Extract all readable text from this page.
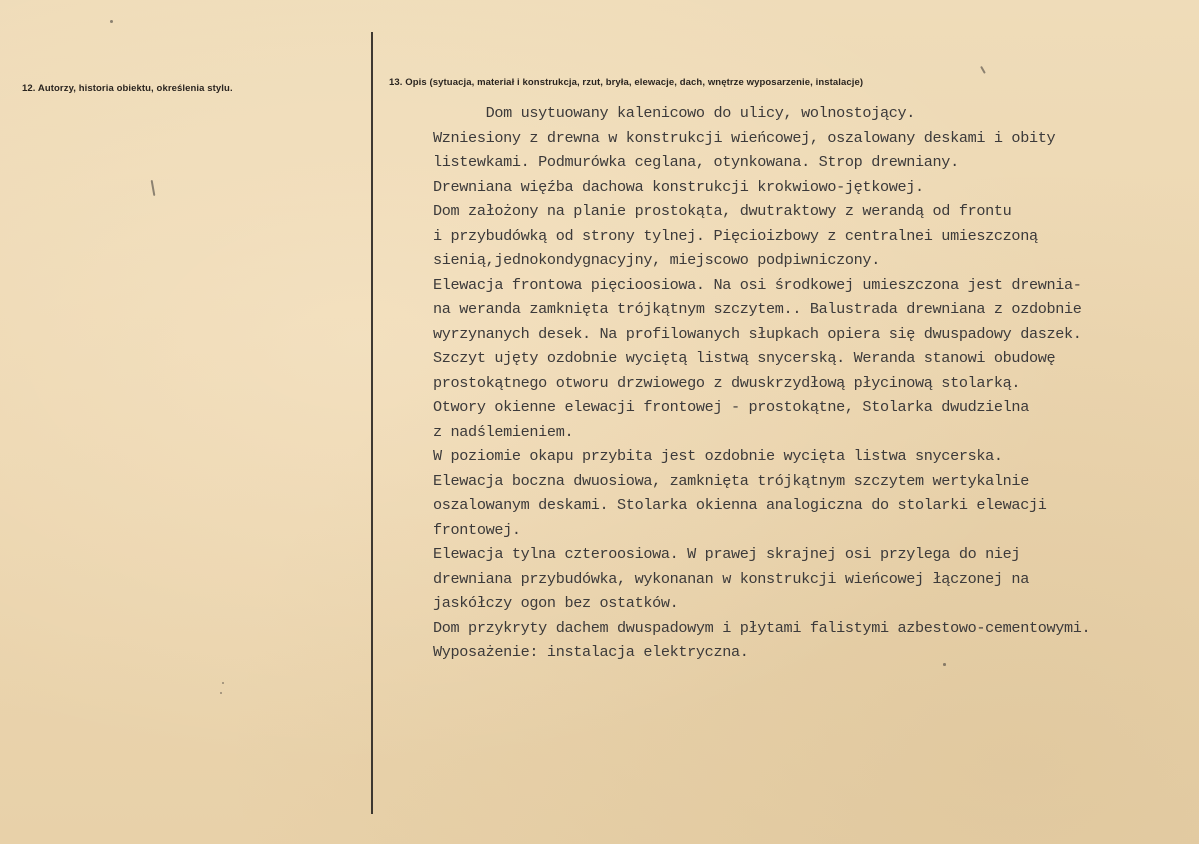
12. Autorzy, historia obiektu, określenia stylu.
13. Opis (sytuacja, materiał i konstrukcja, rzut, bryła, elewacje, dach, wnętrze wyposarzenie, instalacje)
Dom usytuowany kalenicowo do ulicy, wolnostojący.
Wzniesiony z drewna w konstrukcji wieńcowej, oszalowany deskami i obity
listewkami. Podmurówka ceglana, otynkowana. Strop drewniany.
Drewniana więźba dachowa konstrukcji krokwiowo-jętkowej.
Dom założony na planie prostokąta, dwutraktowy z werandą od frontu
i przybudówką od strony tylnej. Pięcioizbowy z centralnei umieszczoną
sienią,jednokondygnacyjny, miejscowo podpiwniczony.
Elewacja frontowa pięcioosiowa. Na osi środkowej umieszczona jest drewnia-
na weranda zamknięta trójkątnym szczytem.. Balustrada drewniana z ozdobnie
wyrzynanych desek. Na profilowanych słupkach opiera się dwuspadowy daszek.
Szczyt ujęty ozdobnie wyciętą listwą snycerską. Weranda stanowi obudowę
prostokątnego otworu drzwiowego z dwuskrzydłową płycinową stolarką.
Otwory okienne elewacji frontowej - prostokątne, Stolarka dwudzielna
z nadślemieniem.
W poziomie okapu przybita jest ozdobnie wycięta listwa snycerska.
Elewacja boczna dwuosiowa, zamknięta trójkątnym szczytem wertykalnie
oszalowanym deskami. Stolarka okienna analogiczna do stolarki elewacji
frontowej.
Elewacja tylna czteroosiowa. W prawej skrajnej osi przylega do niej
drewniana przybudówka, wykonanan w konstrukcji wieńcowej łączonej na
jaskółczy ogon bez ostatków.
Dom przykryty dachem dwuspadowym i płytami falistymi azbestowo-cementowymi.
Wyposażenie: instalacja elektryczna.
